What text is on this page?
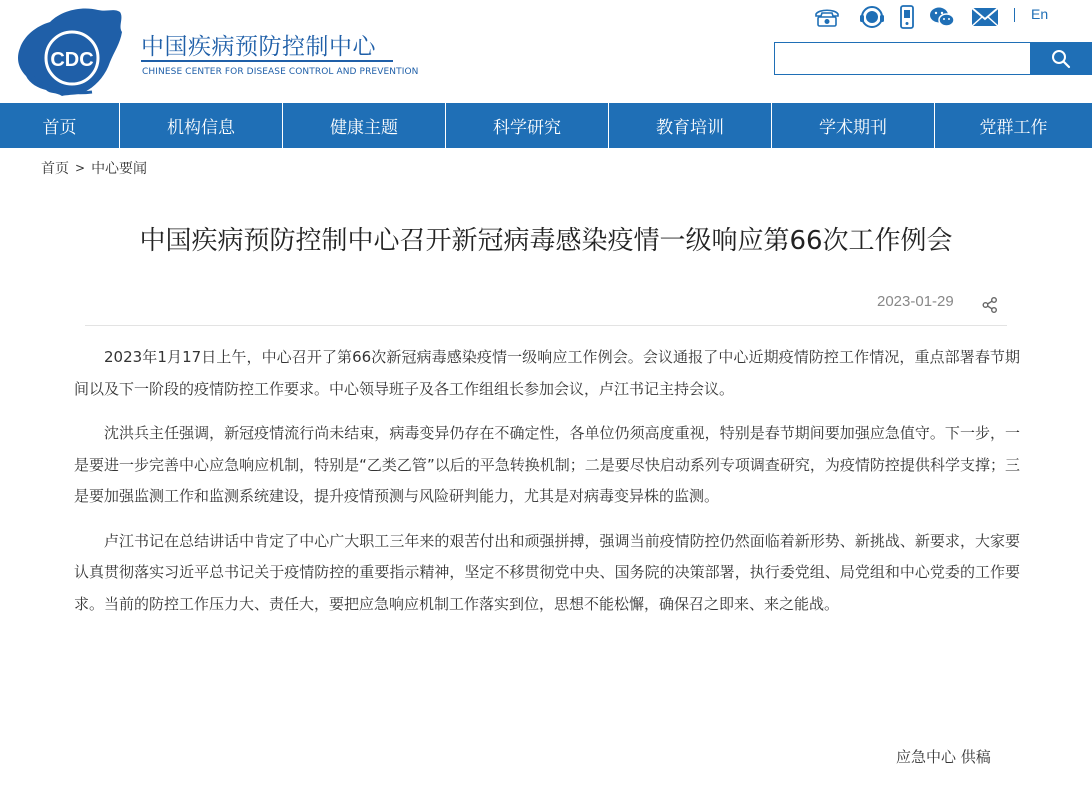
CDC 中国疾病预防控制中心
CHINESE CENTER FOR DISEASE CONTROL AND PREVENTION
En
首页	机构信息	健康主题	科学研究	教育培训	学术期刊	党群工作
首页 > 中心要闻
中国疾病预防控制中心召开新冠病毒感染疫情一级响应第66次工作例会
2023-01-29

2023年1月17日上午，中心召开了第66次新冠病毒感染疫情一级响应工作例会。会议通报了中心近期疫情防控工作情况，重点部署春节期间以及下一阶段的疫情防控工作要求。中心领导班子及各工作组组长参加会议，卢江书记主持会议。

沈洪兵主任强调，新冠疫情流行尚未结束，病毒变异仍存在不确定性，各单位仍须高度重视，特别是春节期间要加强应急值守。下一步，一是要进一步完善中心应急响应机制，特别是“乙类乙管”以后的平急转换机制；二是要尽快启动系列专项调查研究，为疫情防控提供科学支撑；三是要加强监测工作和监测系统建设，提升疫情预测与风险研判能力，尤其是对病毒变异株的监测。

卢江书记在总结讲话中肯定了中心广大职工三年来的艰苦付出和顽强拼搏，强调当前疫情防控仍然面临着新形势、新挑战、新要求，大家要认真贯彻落实习近平总书记关于疫情防控的重要指示精神，坚定不移贯彻党中央、国务院的决策部署，执行委党组、局党组和中心党委的工作要求。当前的防控工作压力大、责任大，要把应急响应机制工作落实到位，思想不能松懈，确保召之即来、来之能战。

应急中心 供稿
